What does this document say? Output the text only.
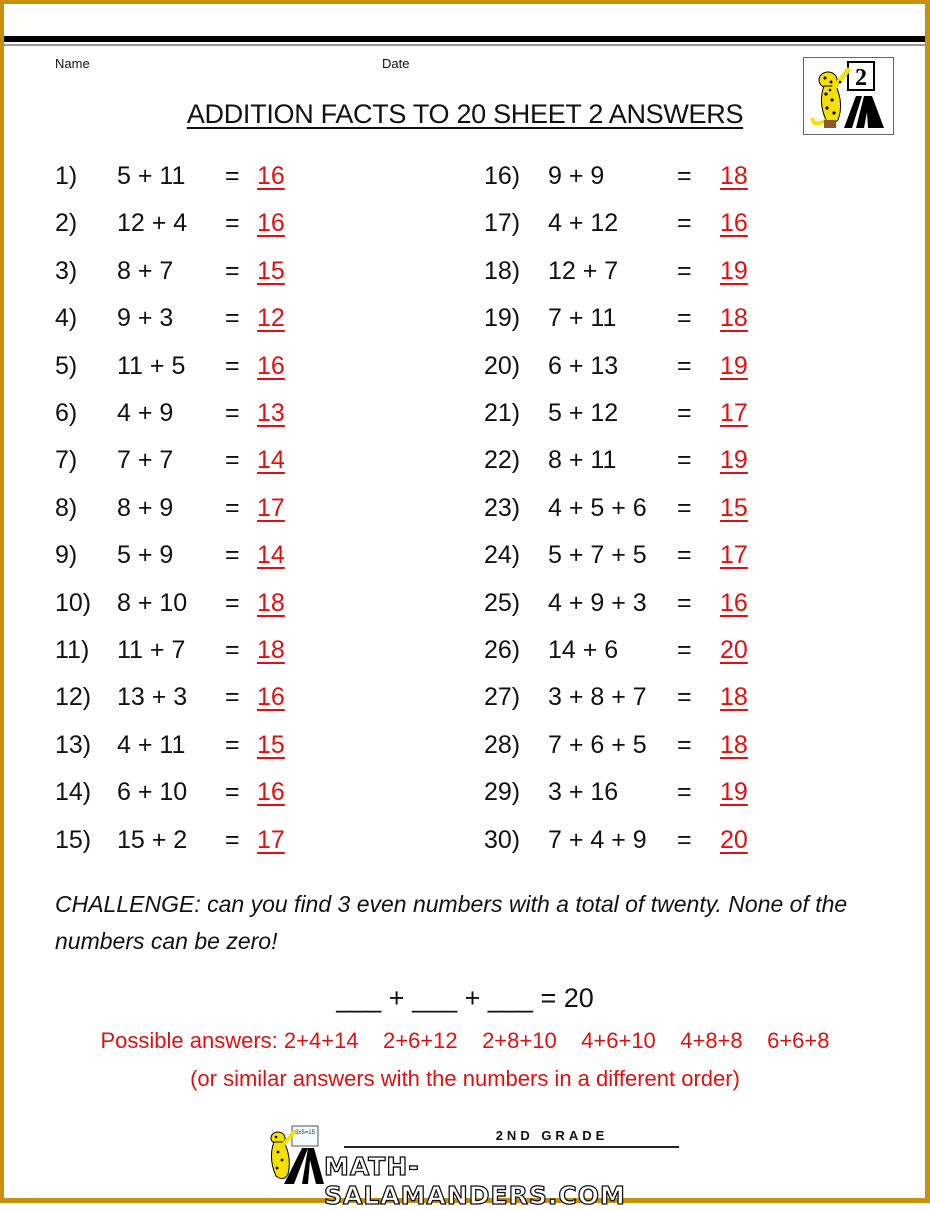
Name	Date
ADDITION FACTS TO 20 SHEET 2 ANSWERS
2
1) 5 + 11 = 16
2) 12 + 4 = 16
3) 8 + 7 = 15
4) 9 + 3 = 12
5) 11 + 5 = 16
6) 4 + 9 = 13
7) 7 + 7 = 14
8) 8 + 9 = 17
9) 5 + 9 = 14
10) 8 + 10 = 18
11) 11 + 7 = 18
12) 13 + 3 = 16
13) 4 + 11 = 15
14) 6 + 10 = 16
15) 15 + 2 = 17
16) 9 + 9	= 18
17) 4 + 12 = 16
18) 12 + 7 = 19
19) 7 + 11 = 18
20) 6 + 13 = 19
21) 5 + 12 = 17
22) 8 + 11 = 19
23) 4 + 5 + 6 = 15
24) 5 + 7 + 5 = 17
25) 4 + 9 + 3 = 16
26) 14 + 6 = 20
27) 3 + 8 + 7 = 18
28) 7 + 6 + 5 = 18
29) 3 + 16 = 19
30) 7 + 4 + 9 = 20
CHALLENGE: can you find 3 even numbers with a total of twenty. None of the numbers can be zero!
___ + ___ + ___ = 20
Possible answers: 2+4+14    2+6+12    2+8+10    4+6+10    4+8+8    6+6+8
(or similar answers with the numbers in a different order)
3x5=15	2ND GRADE
MATH-SALAMANDERS.COM
